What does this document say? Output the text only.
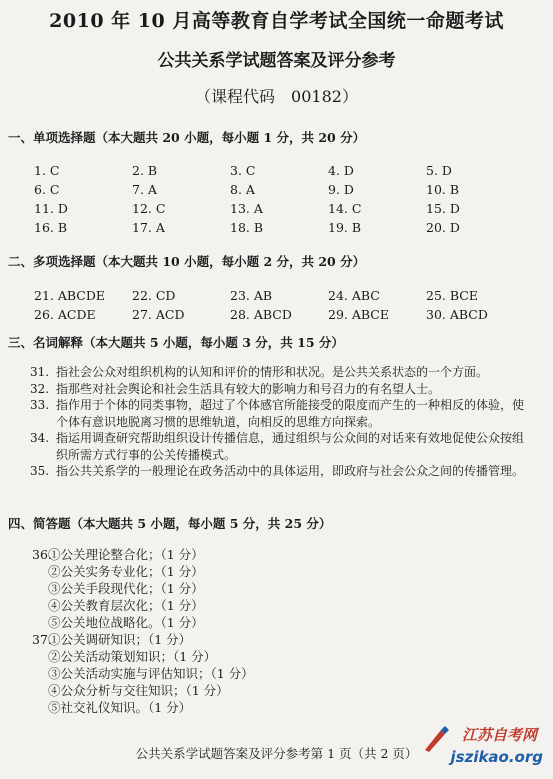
2010 年 10 月高等教育自学考试全国统一命题考试
公共关系学试题答案及评分参考
（课程代码　00182）
一、单项选择题（本大题共 20 小题，每小题 1 分，共 20 分）
1. C	2. B	3. C	4. D	5. D
6. C	7. A	8. A	9. D	10. B
11. D	12. C	13. A	14. C	15. D
16. B	17. A	18. B	19. B	20. D
二、多项选择题（本大题共 10 小题，每小题 2 分，共 20 分）
21. ABCDE 22. CD	23. AB	24. ABC	25. BCE
26. ACDE	27. ACD	28. ABCD	29. ABCE	30. ABCD
三、名词解释（本大题共 5 小题，每小题 3 分，共 15 分）
31. 指社会公众对组织机构的认知和评价的情形和状况。是公共关系状态的一个方面。
32. 指那些对社会舆论和社会生活具有较大的影响力和号召力的有名望人士。
33. 指作用于个体的同类事物，超过了个体感官所能接受的限度而产生的一种相反的体验，使个体有意识地脱离习惯的思维轨道，向相反的思维方向探索。
34. 指运用调查研究帮助组织设计传播信息，通过组织与公众间的对话来有效地促使公众按组织所需方式行事的公关传播模式。
35. 指公共关系学的一般理论在政务活动中的具体运用，即政府与社会公众之间的传播管理。
四、简答题（本大题共 5 小题，每小题 5 分，共 25 分）
36.①公关理论整合化；（1 分）
②公关实务专业化；（1 分）
③公关手段现代化；（1 分）
④公关教育层次化；（1 分）
⑤公关地位战略化。（1 分）
37.①公关调研知识；（1 分）
②公关活动策划知识；（1 分）
③公关活动实施与评估知识；（1 分）
④公众分析与交往知识；（1 分）
⑤社交礼仪知识。（1 分）
公共关系学试题答案及评分参考第 1 页（共 2 页）
江苏自考网
jszikao.org
